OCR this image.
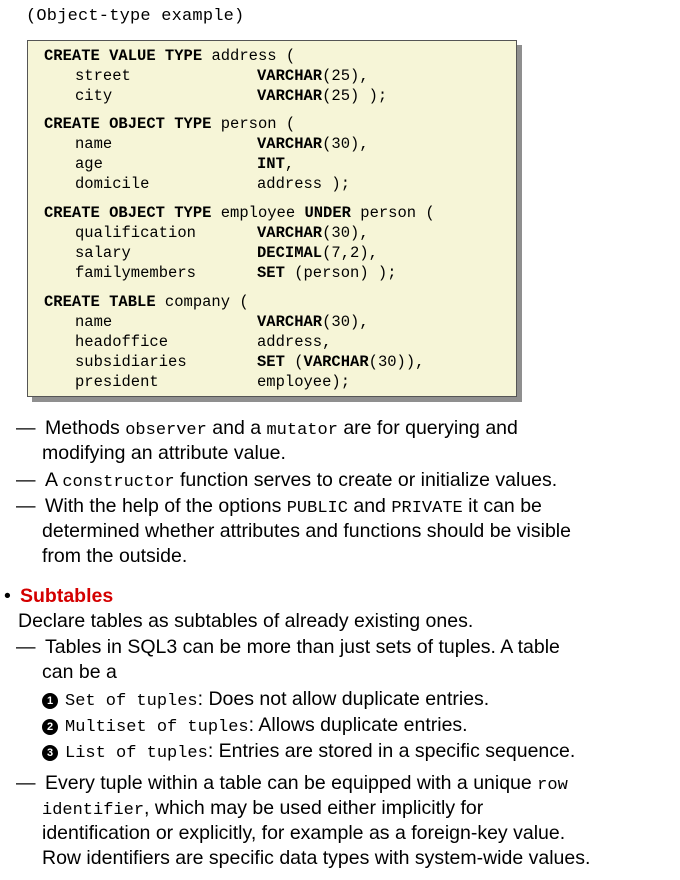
(Object-type example)
CREATE VALUE TYPE address (
street	VARCHAR(25),
city	VARCHAR(25) );
CREATE OBJECT TYPE person (
name	VARCHAR(30),
age	INT,
domicile	address );
CREATE OBJECT TYPE employee UNDER person (
qualification	VARCHAR(30),
salary	DECIMAL(7,2),
familymembers	SET (person) );
CREATE TABLE company (
name	VARCHAR(30),
headoffice	address,
subsidiaries	SET (VARCHAR(30)),
president	employee);
— Methods observer and a mutator are for querying and
modifying an attribute value.
— A constructor function serves to create or initialize values.
— With the help of the options PUBLIC and PRIVATE it can be
determined whether attributes and functions should be visible
from the outside.
• Subtables
Declare tables as subtables of already existing ones.
— Tables in SQL3 can be more than just sets of tuples. A table
can be a
1 Set of tuples: Does not allow duplicate entries.
2 Multiset of tuples: Allows duplicate entries.
3 List of tuples: Entries are stored in a specific sequence.
— Every tuple within a table can be equipped with a unique row
identifier, which may be used either implicitly for
identification or explicitly, for example as a foreign-key value.
Row identifiers are specific data types with system-wide values.
